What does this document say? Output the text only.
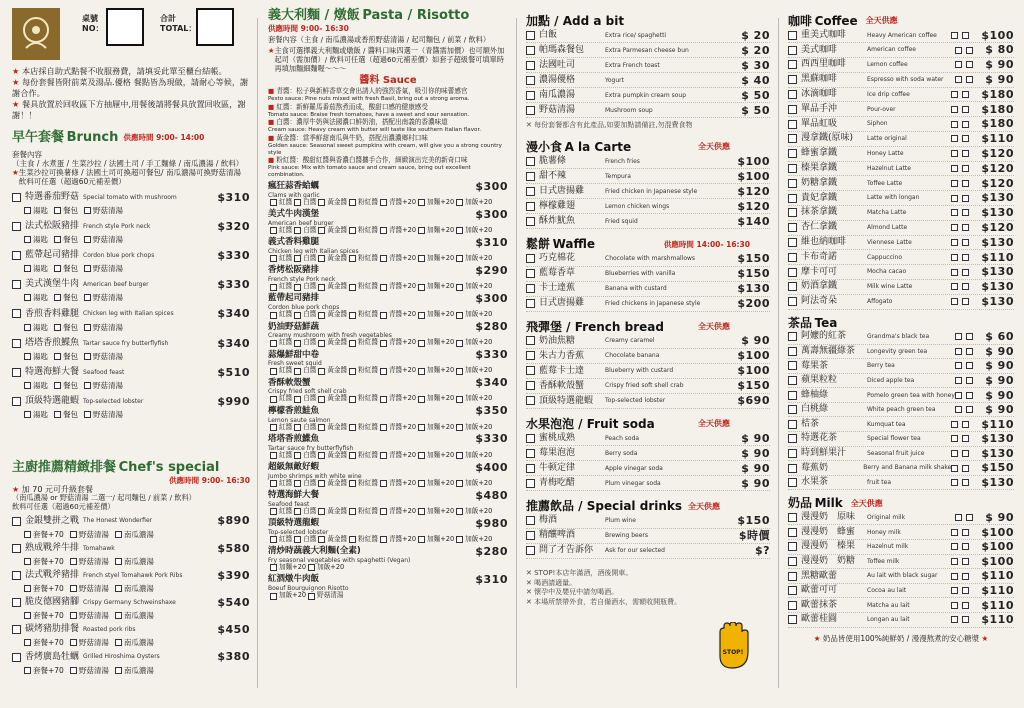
桌號
NO：
合計
TOTAL：
★ 本店採自助式點餐不收服務費，請填妥此單至櫃台結帳。
★ 每份套餐皆附前菜及湯品.優格 餐點皆為現做，請耐心等候，謝謝合作。
★ 餐具放置於回收區下方抽屜中,用餐後請將餐具放置回收區，謝謝！！
早午套餐
Brunch
供應時間 9:00- 14:00
套餐內容
（主食 / 水煮蛋 / 生菜沙拉 / 法國土司 / 手工麵條 / 南瓜濃湯 / 飲料）
★ 生菜沙拉可換薯條 / 法國土司可換超可餐包/ 南瓜濃湯可換野菇清湯 飲料可任選（超過60元補差價）
特選番茄野菇 Special tomato with mushroom	$310
湯匙 餐包 野菇清湯
法式松阪豬排 French style Pork neck	$320
湯匙 餐包 野菇清湯
藍帶起司豬排 Cordon blue pork chops	$330
湯匙 餐包 野菇清湯
美式漢堡牛肉 American beef burger	$330
湯匙 餐包 野菇清湯
香煎香料雞腿 Chicken leg with Italian spices	$340
湯匙 餐包 野菇清湯
塔塔香煎鰈魚 Tartar sauce fry butterflyfish	$340
湯匙 餐包 野菇清湯
特選海鮮大餐 Seafood feast	$510
湯匙 餐包 野菇清湯
頂級特選龍蝦 Top-selected lobster	$990
湯匙 餐包 野菇清湯
主廚推薦精緻排餐
Chef's special
供應時間 9:00- 16:30
★ 加 70 元可升級套餐
（南瓜濃湯 or 野菇清湯 二選一/ 起司麵包 / 前菜 / 飲料）
飲料可任選（超過60元補差價）
金銀雙拼之戰 The Honest Wonderfier	$890
套餐+70 野菇清湯 南瓜濃湯
熟成戰斧牛排 Tomahawk	$580
套餐+70 野菇清湯 南瓜濃湯
法式戰斧豬排 French styel Tomahawk Pork Ribs	$390
套餐+70 野菇清湯 南瓜濃湯
脆皮德國豬腳 Crispy Germany Schweinshaxe	$540
套餐+70 野菇清湯 南瓜濃湯
碳烤豬肋排餐 Roasted pork ribs	$450
套餐+70 野菇清湯 南瓜濃湯
香烤廣島牡蠣 Grilled Hiroshima Oysters	$380
套餐+70 野菇清湯 南瓜濃湯
義大利麵 / 燉飯
Pasta / Risotto
供應時間 9:00- 16:30
套餐內容（主食 / 南瓜濃湯或香煎野菇清湯 / 起司麵包 / 前菜 / 飲料）
★ 主食可選擇義大利麵或燉飯 / 醬料口味四選一（青醬需加價）也可額外加起司（需加價）/ 飲料可任選（超過60元補差價）如套子超級餐可填單時再填加麵細麵喔～～～
醬料 Sauce
■ 青醬：松子與新鮮香草交會出誘人的強烈香氣，吸引你的味蕾感官
Pesto sauce: Pine nuts mixed with fresh Basil, bring out a strong aroma.
■ 紅醬：新鮮羅馬番茄熬煮而成，酸甜口感的健康感受
Tomato sauce: Braise fresh tomatoes, have a sweet and sour sensation.
■ 白醬：濃厚牛奶與法國濃口鮮奶油，搭配出南義的香濃味道
Cream sauce: Heavy cream with butter will taste like southern Italian flavor.
■ 黃金醬：當季鮮甜南瓜與牛奶，搭配出濃濃鄉村口味
Golden sauce: Seasonal sweet pumpkins with cream, will give you a strong country style
■ 粉紅醬：酸甜紅醬與香濃白醬攜手合作，細緻演出完美的新奇口味
Pink sauce: Mix with tomato sauce and cream sauce, bring out excellent combination.
瘋狂蒜香蛤蠣	$300
Clams with garlic
紅醬 白醬 黃金醬 粉紅醬 青醬+20 加麵+20 加飯+20
美式牛肉漢堡	$300
American beef burger
紅醬 白醬 黃金醬 粉紅醬 青醬+20 加麵+20 加飯+20
義式香料雞腿	$310
Chicken leg with Italian spices
紅醬 白醬 黃金醬 粉紅醬 青醬+20 加麵+20 加飯+20
香烤松阪豬排	$290
French style Pork neck
紅醬 白醬 黃金醬 粉紅醬 青醬+20 加麵+20 加飯+20
藍帶起司豬排	$300
Cordon blue pork chops
紅醬 白醬 黃金醬 粉紅醬 青醬+20 加麵+20 加飯+20
奶油野菇鮮蔬	$280
Creamy mushroom with fresh vegetables
紅醬 白醬 黃金醬 粉紅醬 青醬+20 加麵+20 加飯+20
蒜爆鮮甜中卷	$330
Fresh sweet squid
紅醬 白醬 黃金醬 粉紅醬 青醬+20 加麵+20 加飯+20
香酥軟殼蟹	$340
Crispy fried soft shell crab
紅醬 白醬 黃金醬 粉紅醬 青醬+20 加麵+20 加飯+20
檸檬香煎鮭魚	$350
Lemon saute salmon
紅醬 白醬 黃金醬 粉紅醬 青醬+20 加麵+20 加飯+20
塔塔香煎鰈魚	$330
Tartar sauce fry butterflyfish
紅醬 白醬 黃金醬 粉紅醬 青醬+20 加麵+20 加飯+20
超級無敵好蝦	$400
Jumbo shrimps with white wine
紅醬 白醬 黃金醬 粉紅醬 青醬+20 加麵+20 加飯+20
特選海鮮大餐	$480
Seafood feast
紅醬 白醬 黃金醬 粉紅醬 青醬+20 加麵+20 加飯+20
頂級特選龍蝦	$980
Top-selected lobster
紅醬 白醬 黃金醬 粉紅醬 青醬+20 加麵+20 加飯+20
清炒時蔬義大利麵(全素)	$280
Fry seasonal vegetables with spaghetti (Vegan)
加麵+20 加飯+20
紅酒燉牛肉飯	$310
Boeuf Bourguignon Risotto
加飯+20 野菇清湯
加點 / Add a bit
白飯	Extra rice/ spaghetti	$ 20
帕瑪森餐包	Extra Parmesan cheese bun	$ 20
法國吐司	Extra French toast	$ 30
濃湯優格	Yogurt	$ 40
南瓜濃湯	Extra pumpkin cream soup	$ 50
野菇清湯	Mushroom soup	$ 50
✕ 每份套餐都含有此產品,如要加點請備註,勿混費食物
漫小食
A la Carte	全天供應
脆薯條	French fries	$100
甜不辣	Tempura	$100
日式唐揚雞	Fried chicken in Japanese style	$120
檸檬雞翅	Lemon chicken wings	$120
酥炸魷魚	Fried squid	$140
鬆餅
Waffle	供應時間 14:00- 16:30
巧克棉花	Chocolate with marshmallows	$150
藍莓香草	Blueberries with vanilla	$150
卡士達蕉	Banana with custard	$130
日式唐揚雞	Fried chickens in Japanese style	$200
飛彈堡 / French bread	全天供應
奶油焦糖	Creamy caramel	$ 90
朱古力香蕉	Chocolate banana	$100
藍莓卡士達	Blueberry with custard	$100
香酥軟殼蟹	Crispy fried soft shell crab	$150
頂級特選龍蝦	Top-selected lobster	$690
水果泡泡 / Fruit soda	全天供應
蜜桃成熟	Peach soda	$ 90
莓果泡泡	Berry soda	$ 90
牛顿定律	Apple vinegar soda	$ 90
青梅吃醋	Plum vinegar soda	$ 90
推薦飲品 / Special drinks 全天供應
梅酒	Plum wine	$150
精釀啤酒	Brewing beers	$時價
問了才告訴你	Ask for our selected	$?
✕ STOP!本店年滿酒，酒後開車。
✕ 喝酒請適量。
✕ 懷孕中及嬰兒中請勿喝酒。
✕ 本場所禁帶外食，若自備酒水，需額收開瓶費。
STOP!
咖啡
Coffee 全天供應
重美式咖啡	Heavy American coffee	$100
美式咖啡	American coffee	$ 80
西西里咖啡	Lemon coffee	$ 90
黑蘇咖啡	Espresso with soda water	$ 90
冰滴咖啡	Ice drip coffee	$180
單品手沖	Pour-over	$180
單品虹吸	Siphon	$180
漫拿鐵(原味)	Latte original	$110
蜂蜜拿鐵	Honey Latte	$120
榛果拿鐵	Hazelnut Latte	$120
奶糖拿鐵	Toffee Latte	$120
貴妃拿鐵	Latte with longan	$130
抹茶拿鐵	Matcha Latte	$130
杏仁拿鐵	Almond Latte	$120
維也納咖啡	Viennese Latte	$130
卡布奇諾	Cappuccino	$110
摩卡可可	Mocha cacao	$130
奶酒拿鐵	Milk wine Latte	$130
阿法奇朵	Affogato	$130
茶品
Tea
阿嬤的紅茶	Grandma's black tea	$ 60
萬壽無疆綠茶	Longevity green tea	$ 90
莓果茶	Berry tea	$ 90
蘋果粒粒	Diced apple tea	$ 90
蜂柚綠	Pomelo green tea with honey	$ 90
白桃綠	White peach green tea	$ 90
桔茶	Kumquat tea	$110
特選花茶	Special flower tea	$130
時到鮮果汁	Seasonal fruit juice	$130
莓蕉奶	Berry and Banana milk shake	$150
水果茶	fruit tea	$130
奶品
Milk 全天供應
漫漫奶　原味	Original milk	$ 90
漫漫奶　蜂蜜	Honey milk	$100
漫漫奶　榛果	Hazelnut milk	$100
漫漫奶　奶糖	Toffee milk	$100
黑糖歐蕾	Au lait with black sugar	$110
歐蕾可可	Cocoa au lait	$110
歐蕾抹茶	Matcha au lait	$110
歐蕾桂圓	Longan au lait	$110
★ 奶品皆使用100%純鮮奶 / 漫漫熬煮的安心糖漿 ★
